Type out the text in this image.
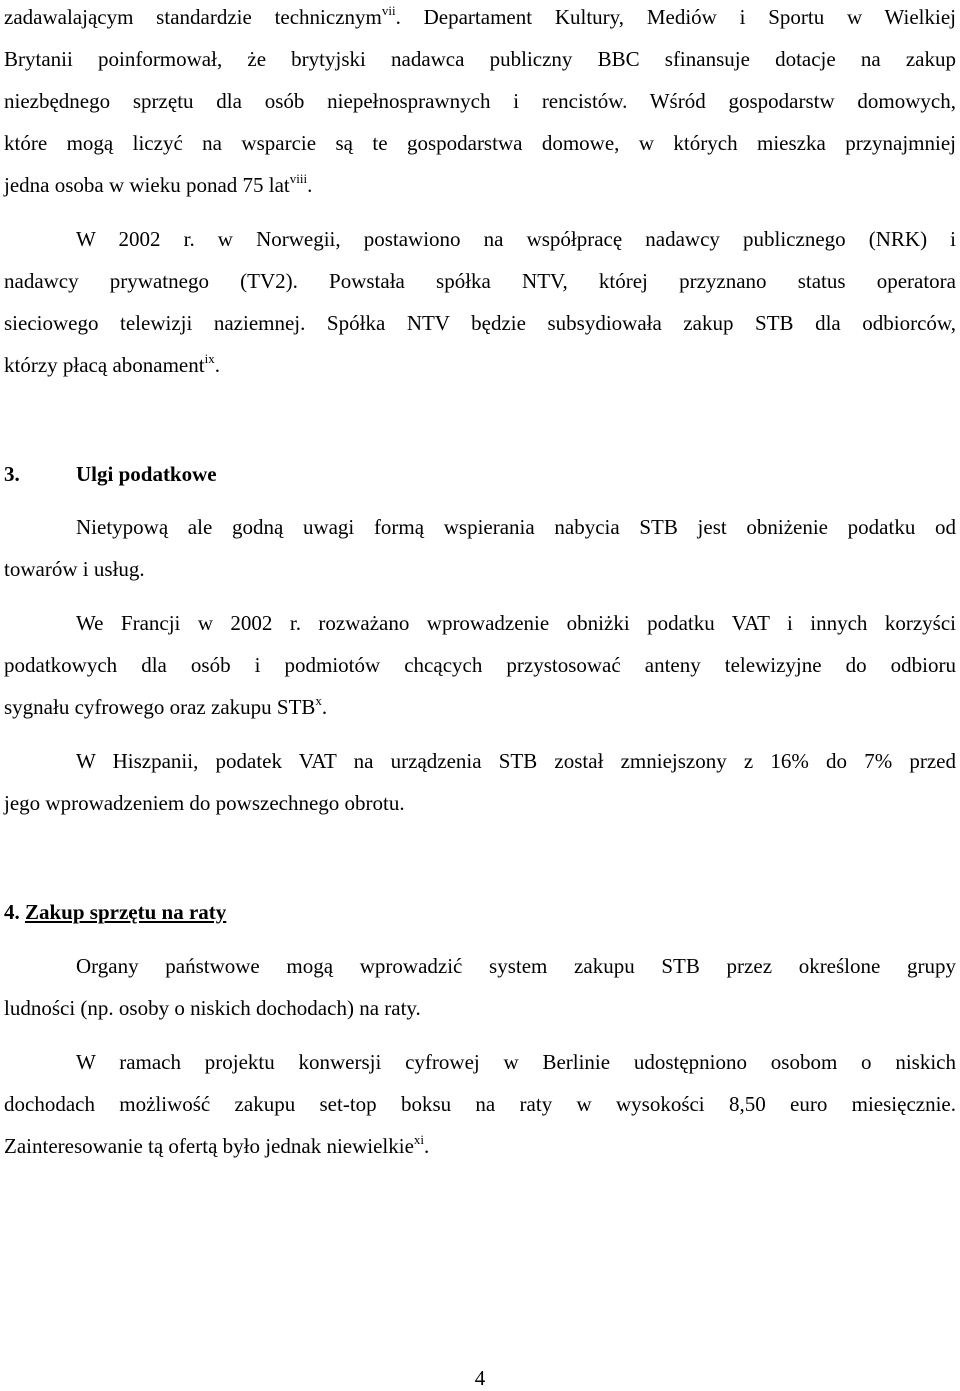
zadawalającym standardzie technicznym$^{vii}$. Departament Kultury, Mediów i Sportu w Wielkiej
Brytanii poinformował, że brytyjski nadawca publiczny BBC sfinansuje dotacje na zakup
niezbędnego sprzętu dla osób niepełnosprawnych i rencistów. Wśród gospodarstw domowych,
które mogą liczyć na wsparcie są te gospodarstwa domowe, w których mieszka przynajmniej
jedna osoba w wieku ponad 75 lat$^{viii}$.
W 2002 r. w Norwegii, postawiono na współpracę nadawcy publicznego (NRK) i
nadawcy prywatnego (TV2). Powstała spółka NTV, której przyznano status operatora
sieciowego telewizji naziemnej. Spółka NTV będzie subsydiowała zakup STB dla odbiorców,
którzy płacą abonament$^{ix}$.
3.	Ulgi podatkowe
Nietypową ale godną uwagi formą wspierania nabycia STB jest obniżenie podatku od
towarów i usług.
We Francji w 2002 r. rozważano wprowadzenie obniżki podatku VAT i innych korzyści
podatkowych dla osób i podmiotów chcących przystosować anteny telewizyjne do odbioru
sygnału cyfrowego oraz zakupu STB$^x$.
W Hiszpanii, podatek VAT na urządzenia STB został zmniejszony z 16% do 7% przed
jego wprowadzeniem do powszechnego obrotu.
4. Zakup sprzętu na raty
Organy państwowe mogą wprowadzić system zakupu STB przez określone grupy
ludności (np. osoby o niskich dochodach) na raty.
W ramach projektu konwersji cyfrowej w Berlinie udostępniono osobom o niskich
dochodach możliwość zakupu set-top boksu na raty w wysokości 8,50 euro miesięcznie.
Zainteresowanie tą ofertą było jednak niewielkie$^{xi}$.
4
